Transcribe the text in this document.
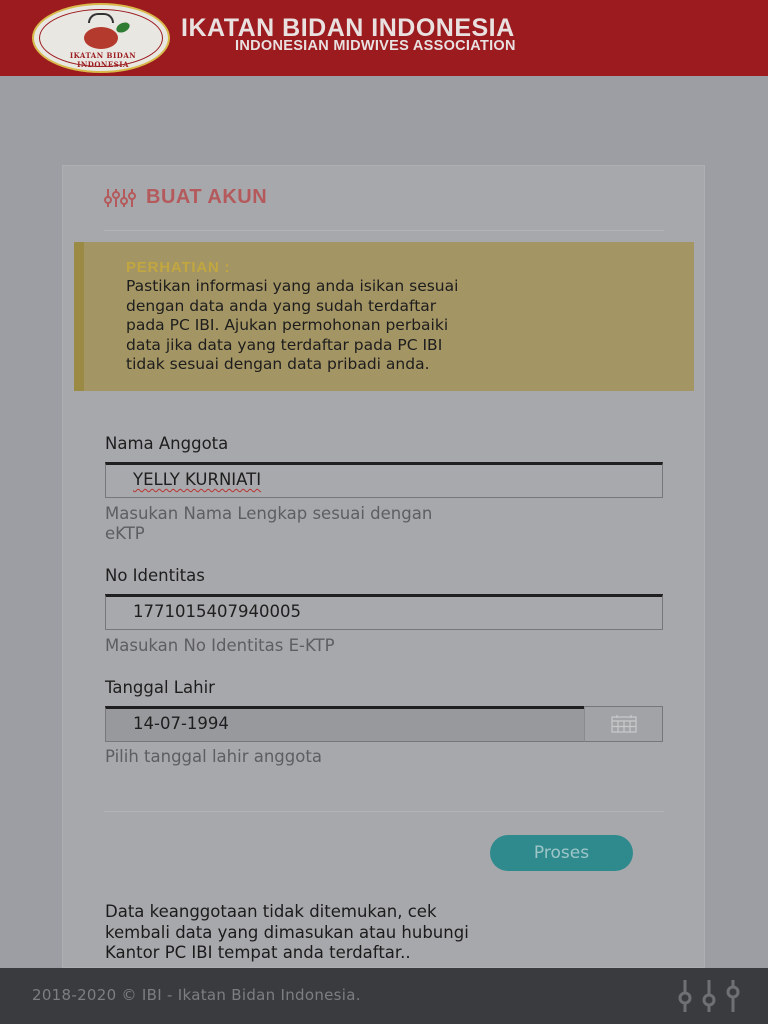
IKATAN BIDAN INDONESIA
IKATAN BIDAN INDONESIA
INDONESIAN MIDWIVES ASSOCIATION
BUAT AKUN
PERHATIAN :
Pastikan informasi yang anda isikan sesuai
dengan data anda yang sudah terdaftar
pada PC IBI. Ajukan permohonan perbaiki
data jika data yang terdaftar pada PC IBI
tidak sesuai dengan data pribadi anda.
Nama Anggota
YELLY KURNIATI
Masukan Nama Lengkap sesuai dengan
eKTP
No Identitas
1771015407940005
Masukan No Identitas E-KTP
Tanggal Lahir
14-07-1994
Pilih tanggal lahir anggota
Proses
Data keanggotaan tidak ditemukan, cek
kembali data yang dimasukan atau hubungi
Kantor PC IBI tempat anda terdaftar..
2018-2020 © IBI - Ikatan Bidan Indonesia.
